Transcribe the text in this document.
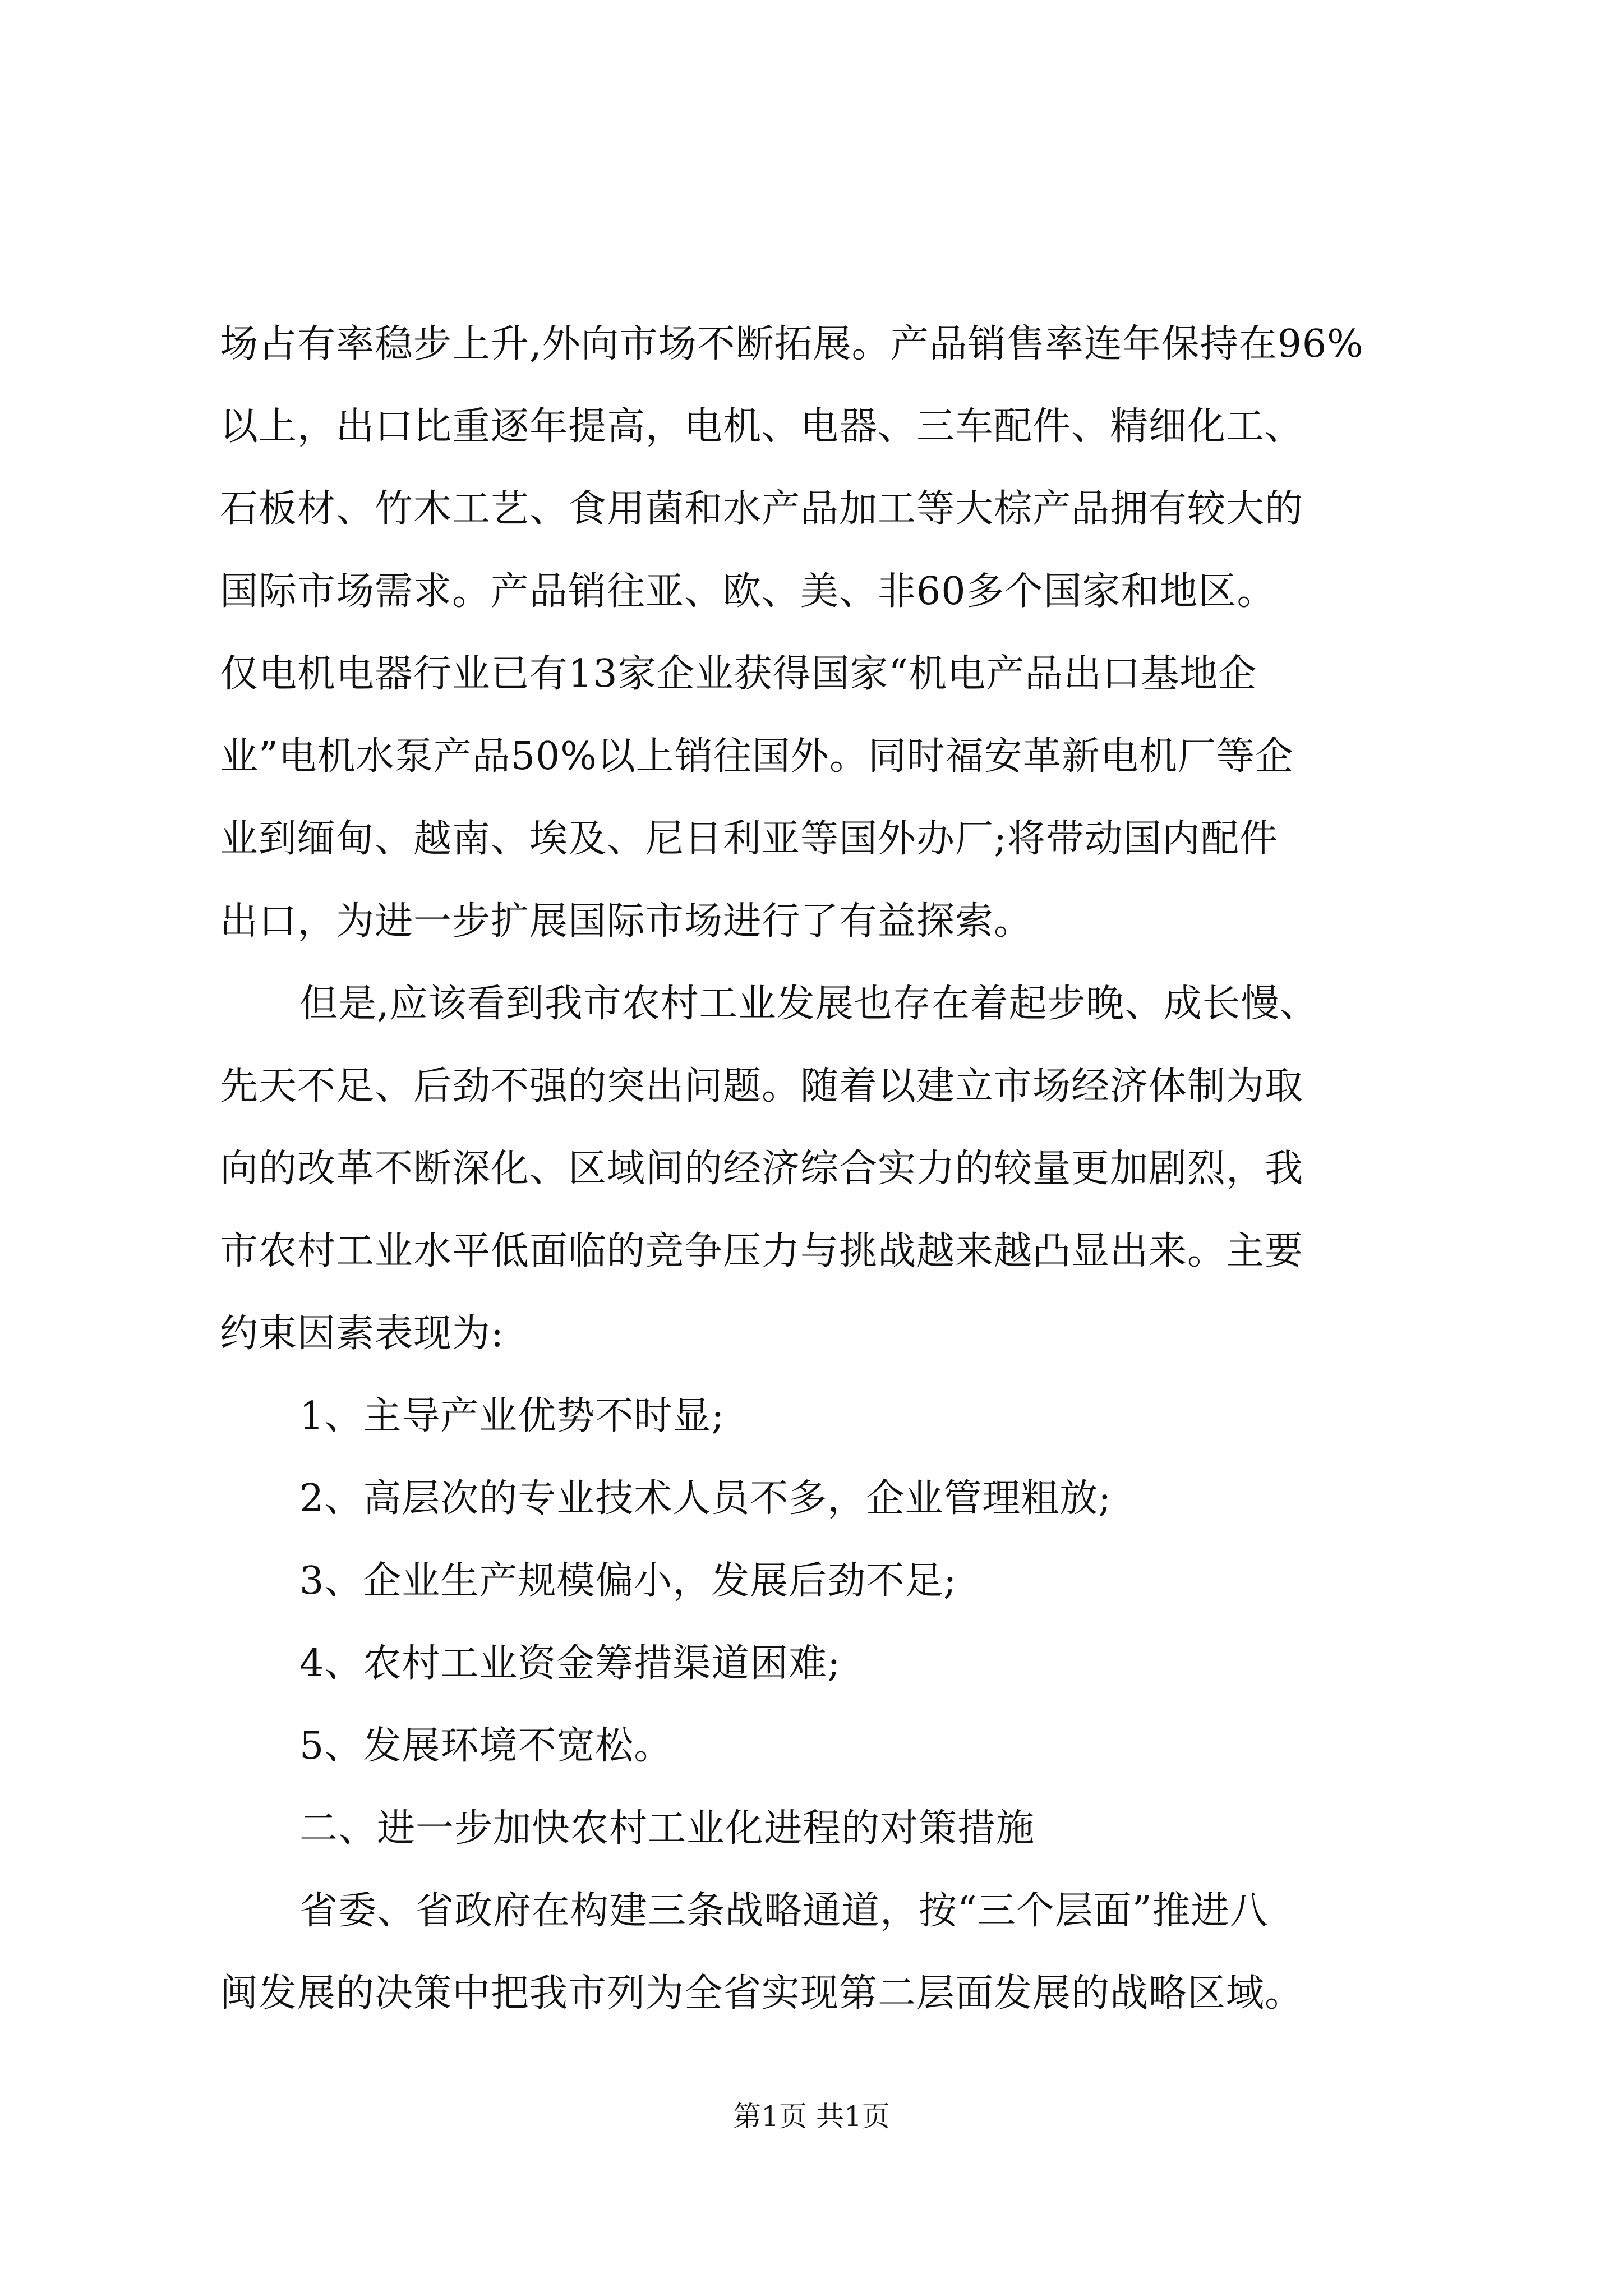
场占有率稳步上升,外向市场不断拓展。产品销售率连年保持在96%
以上，出口比重逐年提高，电机、电器、三车配件、精细化工、
石板材、竹木工艺、食用菌和水产品加工等大棕产品拥有较大的
国际市场需求。产品销往亚、欧、美、非60多个国家和地区。
仅电机电器行业已有13家企业获得国家“机电产品出口基地企
业”电机水泵产品50%以上销往国外。同时福安革新电机厂等企
业到缅甸、越南、埃及、尼日利亚等国外办厂;将带动国内配件
出口，为进一步扩展国际市场进行了有益探索。
但是,应该看到我市农村工业发展也存在着起步晚、成长慢、
先天不足、后劲不强的突出问题。随着以建立市场经济体制为取
向的改革不断深化、区域间的经济综合实力的较量更加剧烈，我
市农村工业水平低面临的竞争压力与挑战越来越凸显出来。主要
约束因素表现为:
1、主导产业优势不时显;
2、高层次的专业技术人员不多，企业管理粗放;
3、企业生产规模偏小，发展后劲不足;
4、农村工业资金筹措渠道困难;
5、发展环境不宽松。
二、进一步加快农村工业化进程的对策措施
省委、省政府在构建三条战略通道，按“三个层面”推进八
闽发展的决策中把我市列为全省实现第二层面发展的战略区域。
第1页 共1页
